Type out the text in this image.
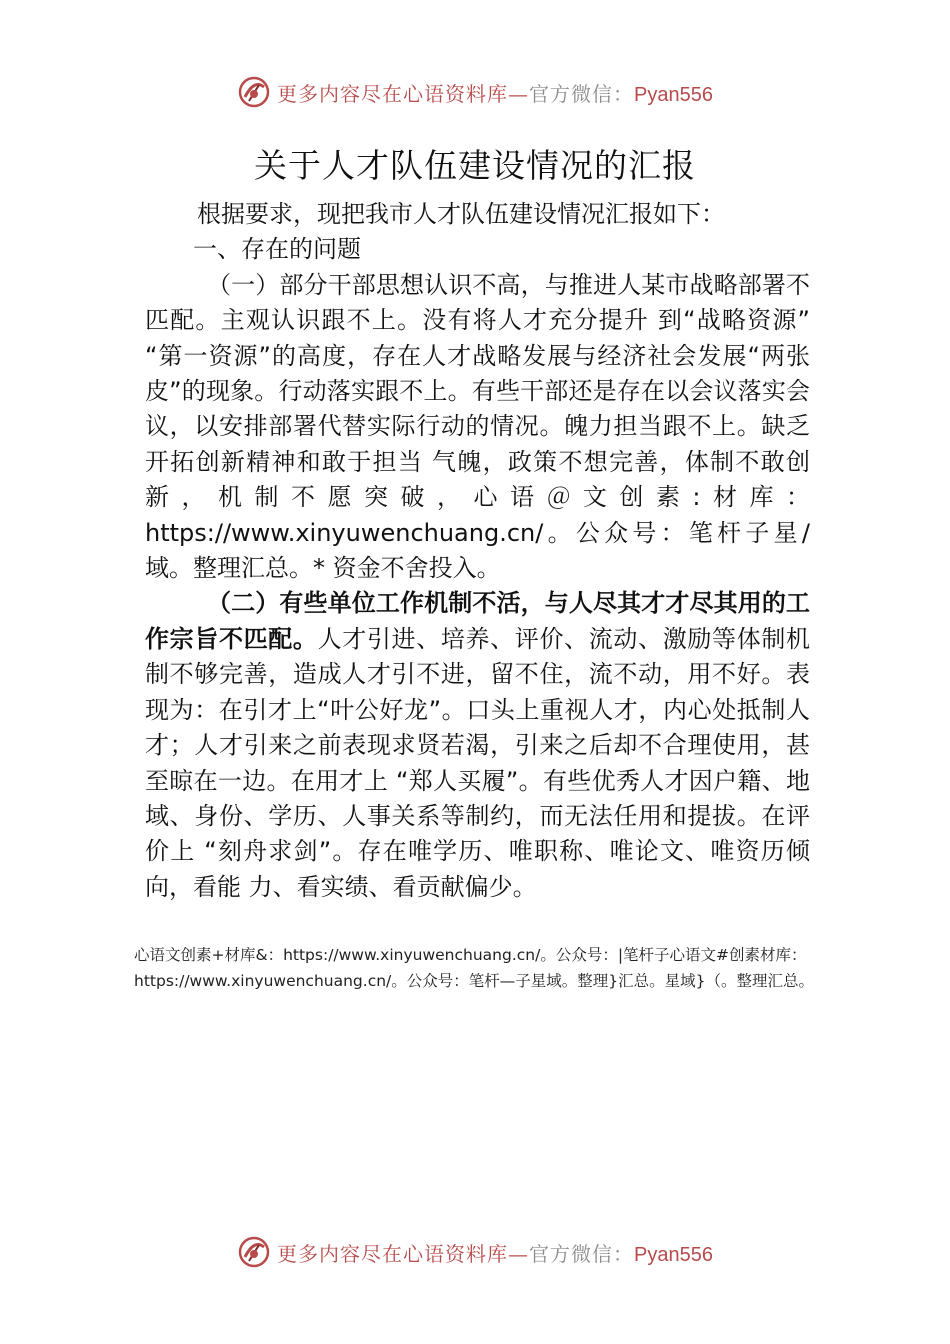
更多内容尽在心语资料库—官方微信：Pyan556
关于人才队伍建设情况的汇报

根据要求，现把我市人才队伍建设情况汇报如下：

一、存在的问题

（一）部分干部思想认识不高，与推进人某市战略部署不匹配。主观认识跟不上。没有将人才充分提升 到“战略资源” “第一资源”的高度，存在人才战略发展与经济社会发展“两张皮”的现象。行动落实跟不上。有些干部还是存在以会议落实会议，以安排部署代替实际行动的情况。魄力担当跟不上。缺乏开拓创新精神和敢于担当 气魄，政策不想完善，体制不敢创新，机制不愿突破，心语＠文创素:材库：https://www.xinyuwenchuang.cn/。公众号：笔杆子星/域。整理汇总。* 资金不舍投入。

（二）有些单位工作机制不活，与人尽其才才尽其用的工作宗旨不匹配。人才引进、培养、评价、流动、激励等体制机制不够完善，造成人才引不进，留不住，流不动，用不好。表现为：在引才上“叶公好龙”。口头上重视人才，内心处抵制人才；人才引来之前表现求贤若渴，引来之后却不合理使用，甚至晾在一边。在用才上 “郑人买履”。有些优秀人才因户籍、地域、身份、学历、人事关系等制约，而无法任用和提拔。在评价上 “刻舟求剑”。存在唯学历、唯职称、唯论文、唯资历倾向，看能 力、看实绩、看贡献偏少。

心语文创素+材库&：https://www.xinyuwenchuang.cn/。公众号：|笔杆子心语文#创素材库：https://www.xinyuwenchuang.cn/。公众号：笔杆—子星域。整理}汇总。星域}（。整理汇总。

更多内容尽在心语资料库—官方微信：Pyan556
